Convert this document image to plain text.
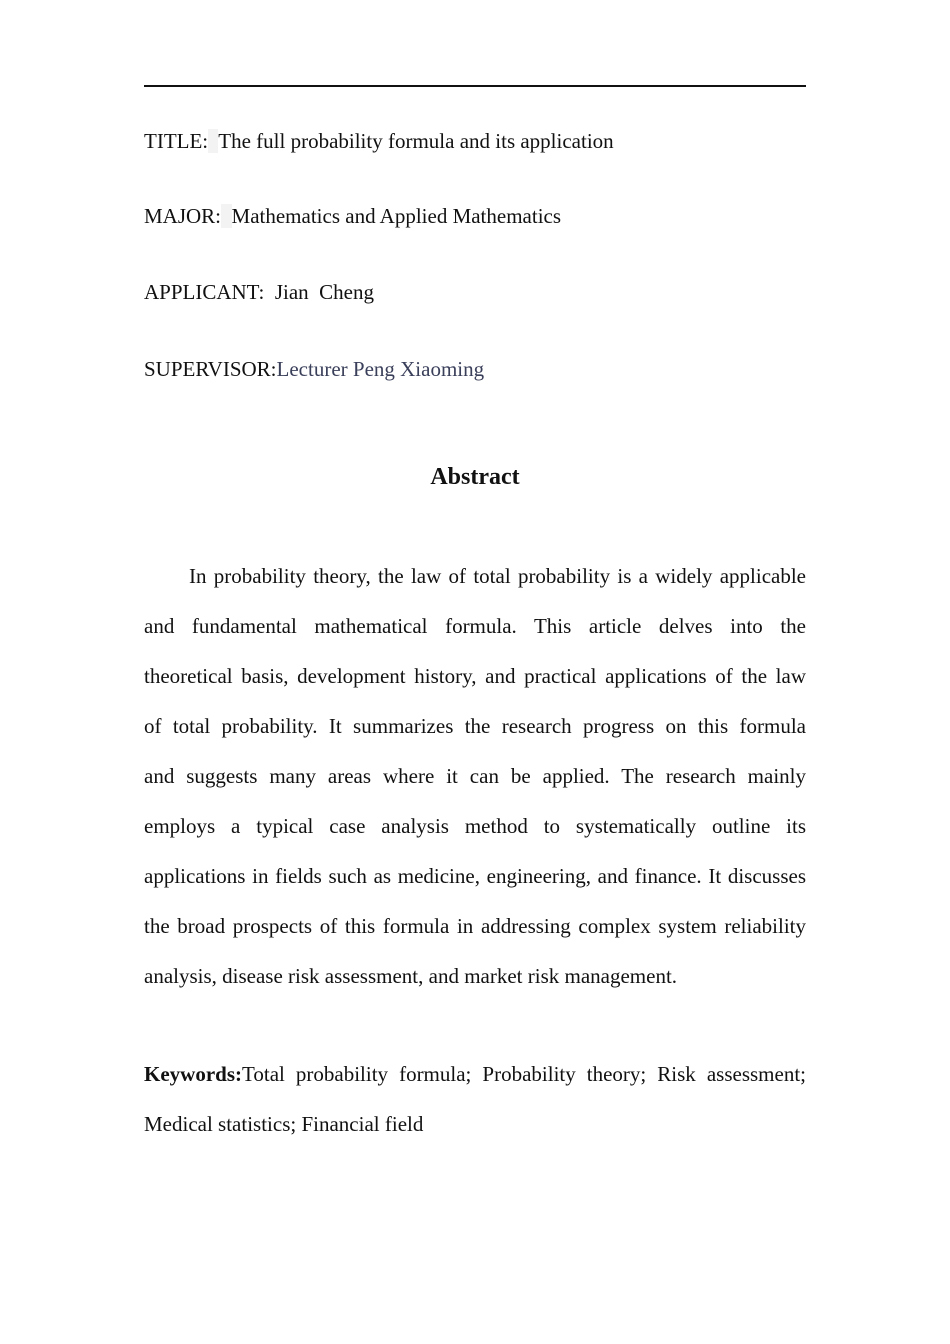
TITLE: The full probability formula and its application
MAJOR: Mathematics and Applied Mathematics
APPLICANT: Jian  Cheng
SUPERVISOR:Lecturer Peng Xiaoming
Abstract
In probability theory, the law of total probability is a widely applicable
and fundamental mathematical formula. This article delves into the
theoretical basis, development history, and practical applications of the law
of total probability. It summarizes the research progress on this formula
and suggests many areas where it can be applied. The research mainly
employs a typical case analysis method to systematically outline its
applications in fields such as medicine, engineering, and finance. It discusses
the broad prospects of this formula in addressing complex system reliability
analysis, disease risk assessment, and market risk management.
Keywords:Total probability formula; Probability theory; Risk assessment;
Medical statistics; Financial field
